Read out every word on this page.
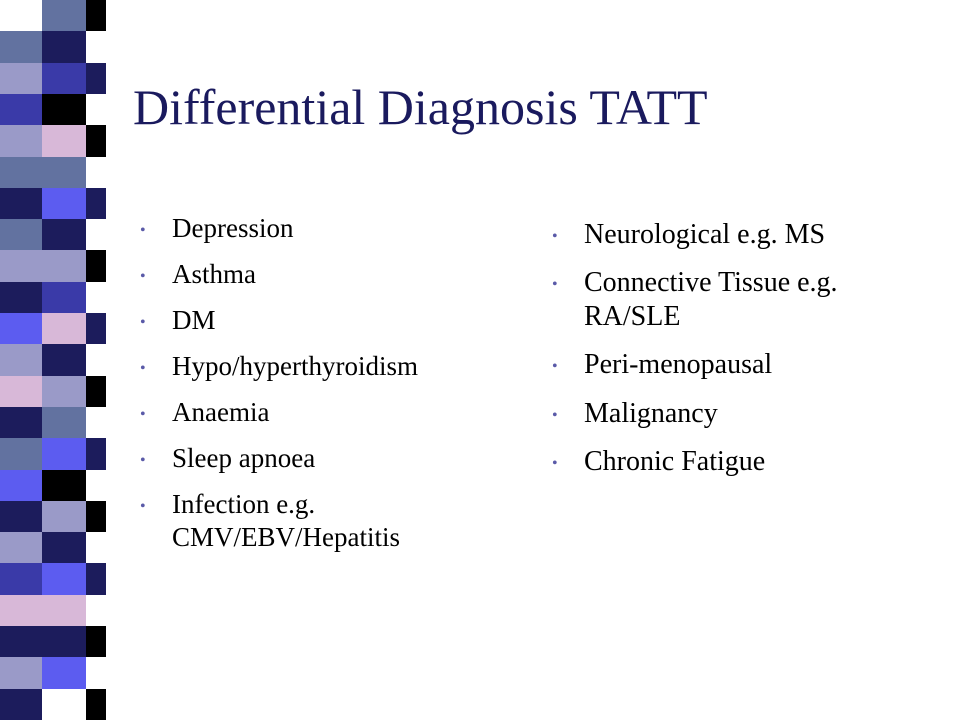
Differential Diagnosis TATT
• Depression
• Asthma
• DM
• Hypo/hyperthyroidism
• Anaemia
• Sleep apnoea
• Infection e.g. CMV/EBV/Hepatitis
• Neurological e.g. MS
• Connective Tissue e.g. RA/SLE
• Peri-menopausal
• Malignancy
• Chronic Fatigue
